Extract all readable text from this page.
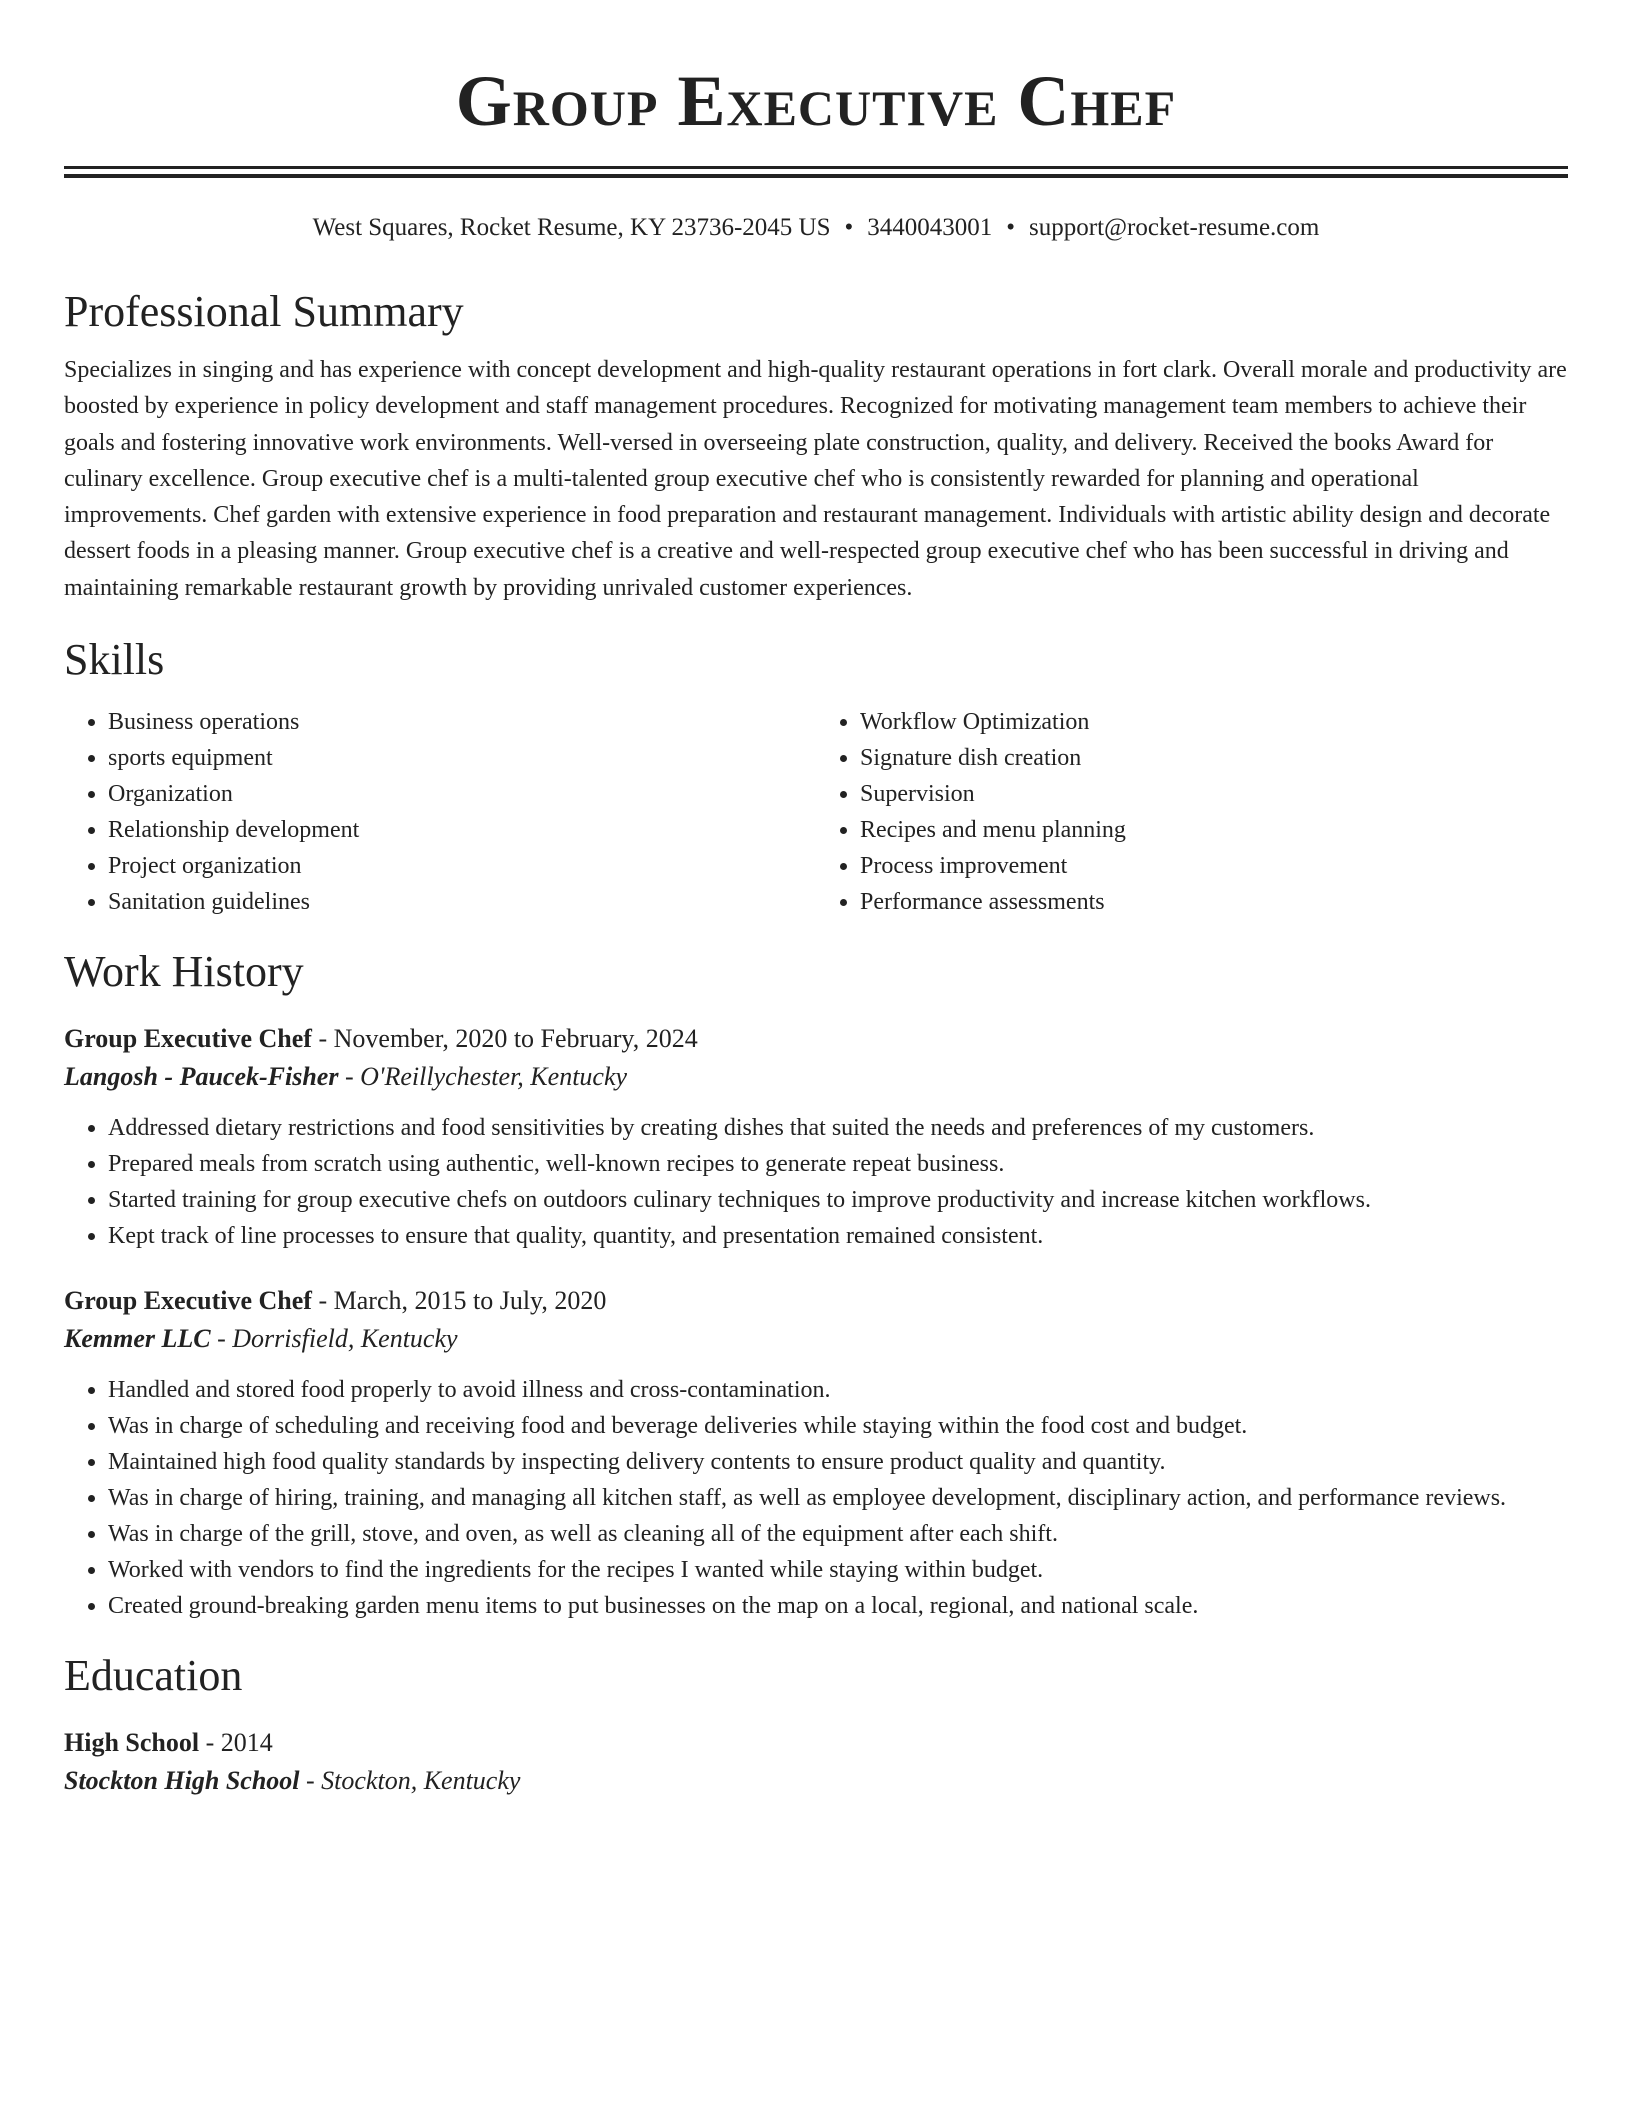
Group Executive Chef
West Squares, Rocket Resume, KY 23736-2045 US • 3440043001 • support@rocket-resume.com
Professional Summary
Specializes in singing and has experience with concept development and high-quality restaurant operations in fort clark. Overall morale and productivity are boosted by experience in policy development and staff management procedures. Recognized for motivating management team members to achieve their goals and fostering innovative work environments. Well-versed in overseeing plate construction, quality, and delivery. Received the books Award for culinary excellence. Group executive chef is a multi-talented group executive chef who is consistently rewarded for planning and operational improvements. Chef garden with extensive experience in food preparation and restaurant management. Individuals with artistic ability design and decorate dessert foods in a pleasing manner. Group executive chef is a creative and well-respected group executive chef who has been successful in driving and maintaining remarkable restaurant growth by providing unrivaled customer experiences.
Skills
• Business operations
• sports equipment
• Organization
• Relationship development
• Project organization
• Sanitation guidelines
• Workflow Optimization
• Signature dish creation
• Supervision
• Recipes and menu planning
• Process improvement
• Performance assessments
Work History
Group Executive Chef - November, 2020 to February, 2024
Langosh - Paucek-Fisher - O'Reillychester, Kentucky
• Addressed dietary restrictions and food sensitivities by creating dishes that suited the needs and preferences of my customers.
• Prepared meals from scratch using authentic, well-known recipes to generate repeat business.
• Started training for group executive chefs on outdoors culinary techniques to improve productivity and increase kitchen workflows.
• Kept track of line processes to ensure that quality, quantity, and presentation remained consistent.
Group Executive Chef - March, 2015 to July, 2020
Kemmer LLC - Dorrisfield, Kentucky
• Handled and stored food properly to avoid illness and cross-contamination.
• Was in charge of scheduling and receiving food and beverage deliveries while staying within the food cost and budget.
• Maintained high food quality standards by inspecting delivery contents to ensure product quality and quantity.
• Was in charge of hiring, training, and managing all kitchen staff, as well as employee development, disciplinary action, and performance reviews.
• Was in charge of the grill, stove, and oven, as well as cleaning all of the equipment after each shift.
• Worked with vendors to find the ingredients for the recipes I wanted while staying within budget.
• Created ground-breaking garden menu items to put businesses on the map on a local, regional, and national scale.
Education
High School - 2014
Stockton High School - Stockton, Kentucky
